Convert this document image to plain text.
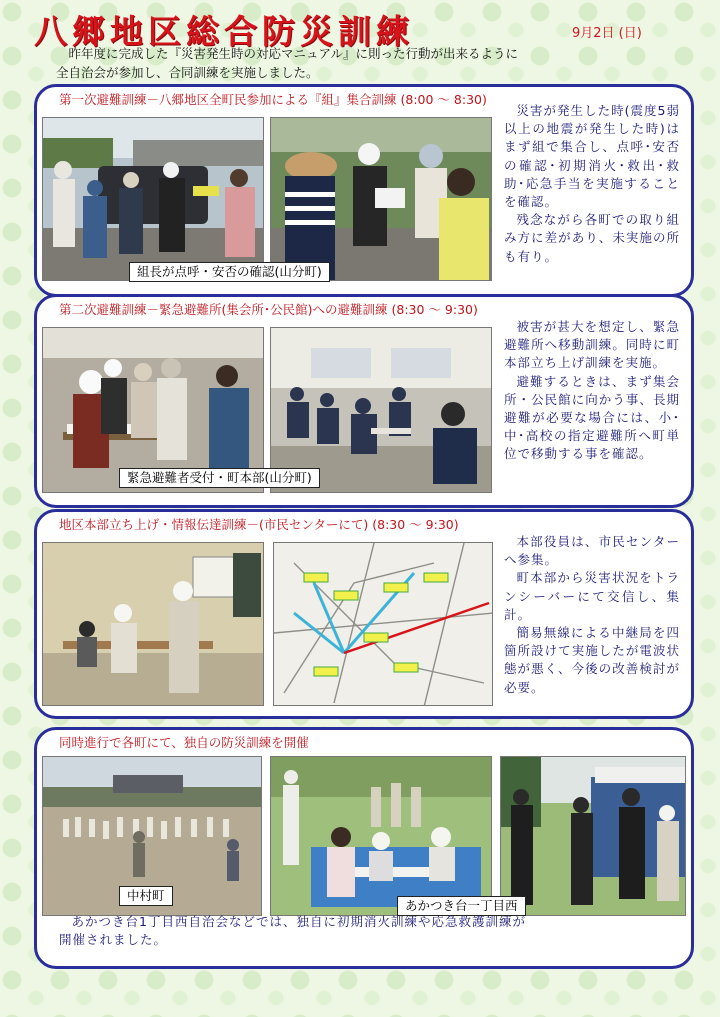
八郷地区総合防災訓練	9月2日 (日)

昨年度に完成した『災害発生時の対応マニュアル』に則った行動が出来るように

全自治会が参加し、合同訓練を実施しました。

第一次避難訓練－八郷地区全町民参加による『組』集合訓練 (8:00 ～ 8:30)
組長が点呼・安否の確認(山分町)

災害が発生した時(震度5弱以上の地震が発生した時)はまず組で集合し、点呼･安否の確認･初期消火･救出･救助･応急手当を実施することを確認。

残念ながら各町での取り組み方に差があり、未実施の所も有り。

第二次避難訓練－緊急避難所(集会所･公民館)への避難訓練 (8:30 ～ 9:30)
緊急避難者受付・町本部(山分町)

被害が甚大を想定し、緊急避難所へ移動訓練。同時に町本部立ち上げ訓練を実施。

避難するときは、まず集会所・公民館に向かう事、長期避難が必要な場合には、小･中･高校の指定避難所へ町単位で移動する事を確認。

地区本部立ち上げ・情報伝達訓練－(市民センターにて) (8:30 ～ 9:30)

本部役員は、市民センターへ参集。

町本部から災害状況をトランシーバーにて交信し、集計。

簡易無線による中継局を四箇所設けて実施したが電波状態が悪く、今後の改善検討が必要。

同時進行で各町にて、独自の防災訓練を開催
中村町
あかつき台一丁目西

あかつき台1丁目西自治会などでは、独自に初期消火訓練や応急救護訓練が

開催されました。
